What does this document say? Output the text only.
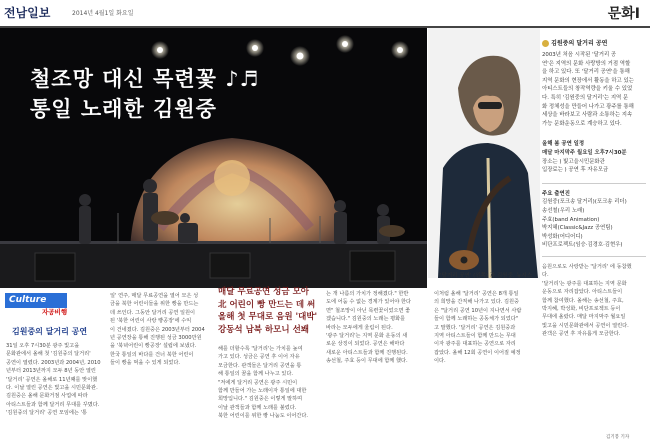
전남일보	2014년 4월1일 화요일	문화Ⅰ
철조망 대신 목련꽃 ♪♬
통일 노래한 김원중
'달거리 공연' (왼쪽) 과 김원중. 뉴시스
김원중의 달거리 공연
2003년 처음 시작된 '달거리 공
연'은 지역의 문화 사랑방의 거점 역할
을 하고 있다. 또 '달거리 공연'을 통해
지역 문화의 현장에서 활동을 하고 있는
아티스트들의 창작역량을 키울 수 있었
다. 특히 '김원중의 달거리'는 지역 문
화 정체성을 만들어 나가고 광주를 통해
세상을 바라보고 사람과 소통하는 지속
가능 문화운동으로 계승하고 있다.
올해 봄 공연 일정
매달 마지막주 월요일 오후7시30분
장소는 ) 빛고을시민문화관
입장료는 ) 공연 후 자유모금
주요 출연진
김원중(포크송 달거리)(포크송 리더)
송선철(우리 노래)
주효(band Animation)
박지혜(Classic&Jazz 공연팀)
박성화(어디어디)
비단프로젝트(임승·김경호·김현우)

음원으로도 사랑받는 '달거리' 에 동참했

다.

'달거리'는 광주를 대표하는 지역 문화

운동으로 자리잡았다. 아티스트들이

함께 참여했다. 올해는 송선철, 주효,

박지혜, 박성화, 비단프로젝트 등이

무대에 올랐다. 매달 마지막주 월요일

빛고을 시민문화관에서 공연이 열린다.

관객은 공연 후 자유롭게 모금한다.

Culture
자공비행
김원중의 달거리 공연

31일 오후 7시30분 광주 빛고을

문화관에서 올해 첫 '김원중의 달거리'

공연이 열렸다. 2003년과 2004년, 2010

년부터 2013년까지 모두 8년 동안 열린

'달거리' 공연은 올해로 11년째를 맞이했

다. 이날 열린 공연은 빛고을 시민문화관.

김원중은 올해 문화거점 사업에 따라

아티스트들과 함께 달거리 무대를 꾸몄다.

'김원중의 달거리' 공연 모임에는 '통

일' 연주, 매달 무료공연을 열어 모은 성

금을 북한 어린이들을 위한 빵을 만드는

데 쓰인다. 그동안 달거리 공연 일원이

된 '북한 어린이 사랑 빵공장'에 수익

이 건네졌다. 김원중은 2003년부터 2004

년 공연장을 통해 진행된 성금 3000만원

을 '북녘어린이 빵공장' 설립에 보냈다.

한국 통일의 바다를 건너 북한 어린이

들이 빵을 먹을 수 있게 되었다.

매달 무료공연 성금 모아
北 어린이 빵 만드는 데 써
올해 첫 무대로 음원 '대박'
강동석 남북 하모니 선봬

해를 더할수록 '달거리'는 가치를 높여

가고 있다. 성금은 공연 후 이어 자유

모금한다. 관객들은 달거리 공연을 통

해 통일의 꿈을 함께 나누고 있다.

"저에게 달거리 공연은 광주 시민이

함께 만들어 가는 노래이자 통일에 대한

희망입니다." 김원중은 이렇게 말하며

이날 관객들과 함께 노래를 불렀다.

북한 어린이를 위한 빵 나눔도 이어간다.

는 개 나름의 가치가 정해졌다." 한반

도에 어둠 수 없는 경계가 있어야 한다

면" 철조망이 아닌 목련꽃이었으면 좋

겠습니다." 김원중의 노래는 평화를

바라는 모두에게 울림이 된다.

'광주 달거리'는 지역 문화 운동의 새

로운 상징이 되었다. 공연은 해마다

새로운 아티스트들과 함께 진행된다.

송선철, 주효 등이 무대에 함께 했다.

이처럼 올해 '달거리' 공연은 8개 통일

의 희망을 간직해 나가고 있다. 김원중

은 "달거리 공연 10년이 지나면서 사람

들이 함께 노래하는 공동체가 되었다"

고 말했다. '달거리' 공연은 김원중과

지역 아티스트들이 함께 만드는 무대

이자 광주를 대표하는 공연으로 자리

잡았다. 올해 12회 공연이 이어질 예정

이다.

김기봉 기자
